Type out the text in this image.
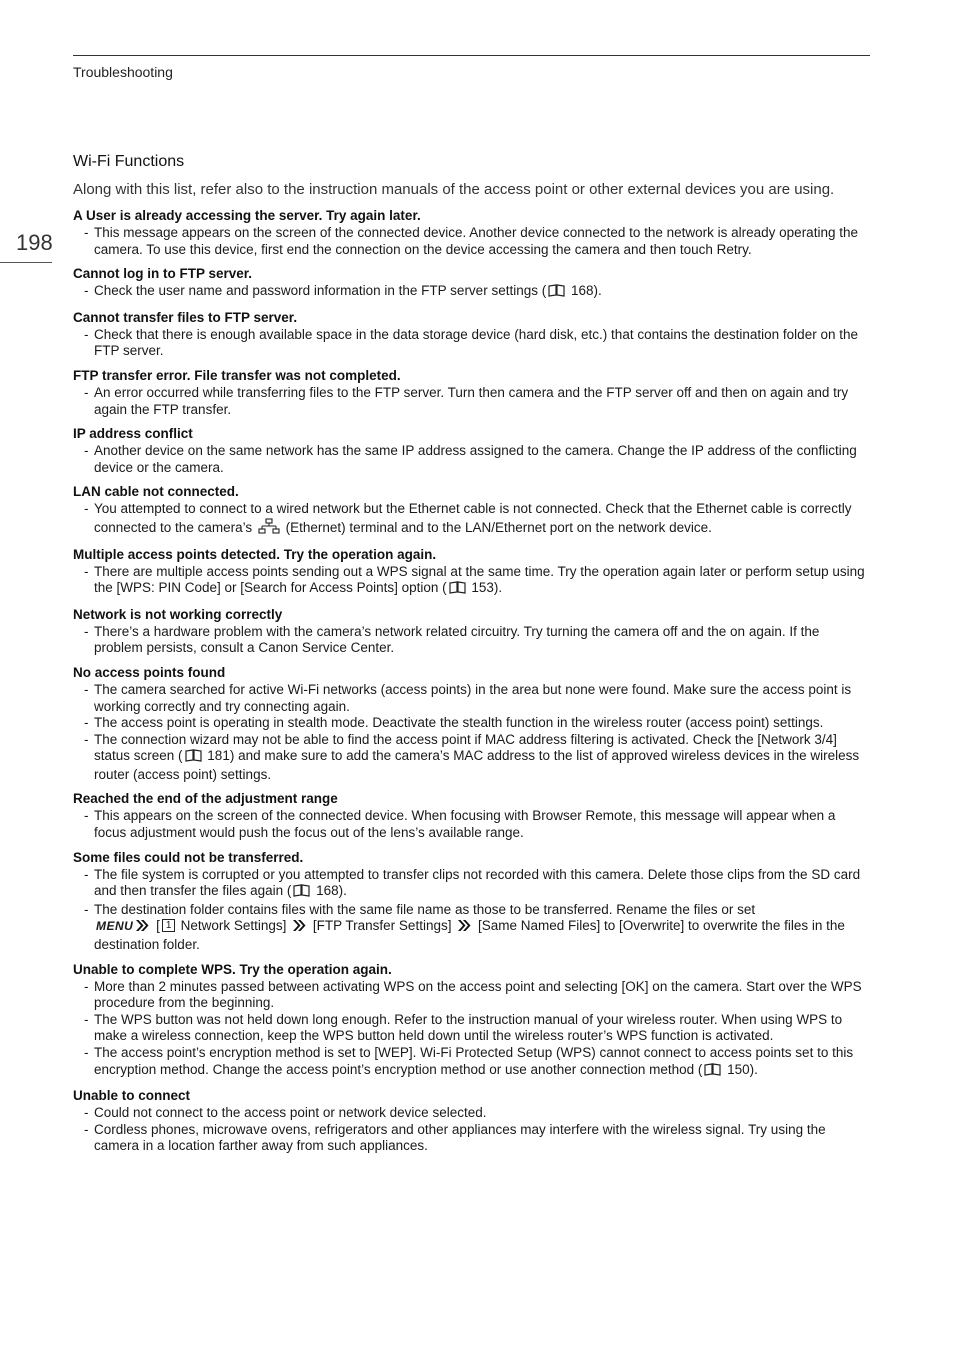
Troubleshooting
198
Wi-Fi Functions
Along with this list, refer also to the instruction manuals of the access point or other external devices you are using.
A User is already accessing the server. Try again later.
- This message appears on the screen of the connected device. Another device connected to the network is already operating the camera. To use this device, first end the connection on the device accessing the camera and then touch Retry.
Cannot log in to FTP server.
- Check the user name and password information in the FTP server settings ( 168).
Cannot transfer files to FTP server.
- Check that there is enough available space in the data storage device (hard disk, etc.) that contains the destination folder on the FTP server.
FTP transfer error. File transfer was not completed.
- An error occurred while transferring files to the FTP server. Turn then camera and the FTP server off and then on again and try again the FTP transfer.
IP address conflict
- Another device on the same network has the same IP address assigned to the camera. Change the IP address of the conflicting device or the camera.
LAN cable not connected.
- You attempted to connect to a wired network but the Ethernet cable is not connected. Check that the Ethernet cable is correctly connected to the camera’s  (Ethernet) terminal and to the LAN/Ethernet port on the network device.
Multiple access points detected. Try the operation again.
- There are multiple access points sending out a WPS signal at the same time. Try the operation again later or perform setup using the [WPS: PIN Code] or [Search for Access Points] option ( 153).
Network is not working correctly
- There’s a hardware problem with the camera’s network related circuitry. Try turning the camera off and the on again. If the problem persists, consult a Canon Service Center.
No access points found
- The camera searched for active Wi-Fi networks (access points) in the area but none were found. Make sure the access point is working correctly and try connecting again.
- The access point is operating in stealth mode. Deactivate the stealth function in the wireless router (access point) settings.
- The connection wizard may not be able to find the access point if MAC address filtering is activated. Check the [Network 3/4] status screen ( 181) and make sure to add the camera’s MAC address to the list of approved wireless devices in the wireless router (access point) settings.
Reached the end of the adjustment range
- This appears on the screen of the connected device. When focusing with Browser Remote, this message will appear when a focus adjustment would push the focus out of the lens’s available range.
Some files could not be transferred.
- The file system is corrupted or you attempted to transfer clips not recorded with this camera. Delete those clips from the SD card and then transfer the files again ( 168).
- The destination folder contains files with the same file name as those to be transferred. Rename the files or set
MENU [ 1 Network Settings]  [FTP Transfer Settings]  [Same Named Files] to [Overwrite] to overwrite the files in the destination folder.
Unable to complete WPS. Try the operation again.
- More than 2 minutes passed between activating WPS on the access point and selecting [OK] on the camera. Start over the WPS procedure from the beginning.
- The WPS button was not held down long enough. Refer to the instruction manual of your wireless router. When using WPS to make a wireless connection, keep the WPS button held down until the wireless router’s WPS function is activated.
- The access point’s encryption method is set to [WEP]. Wi-Fi Protected Setup (WPS) cannot connect to access points set to this encryption method. Change the access point’s encryption method or use another connection method ( 150).
Unable to connect
- Could not connect to the access point or network device selected.
- Cordless phones, microwave ovens, refrigerators and other appliances may interfere with the wireless signal. Try using the camera in a location farther away from such appliances.
